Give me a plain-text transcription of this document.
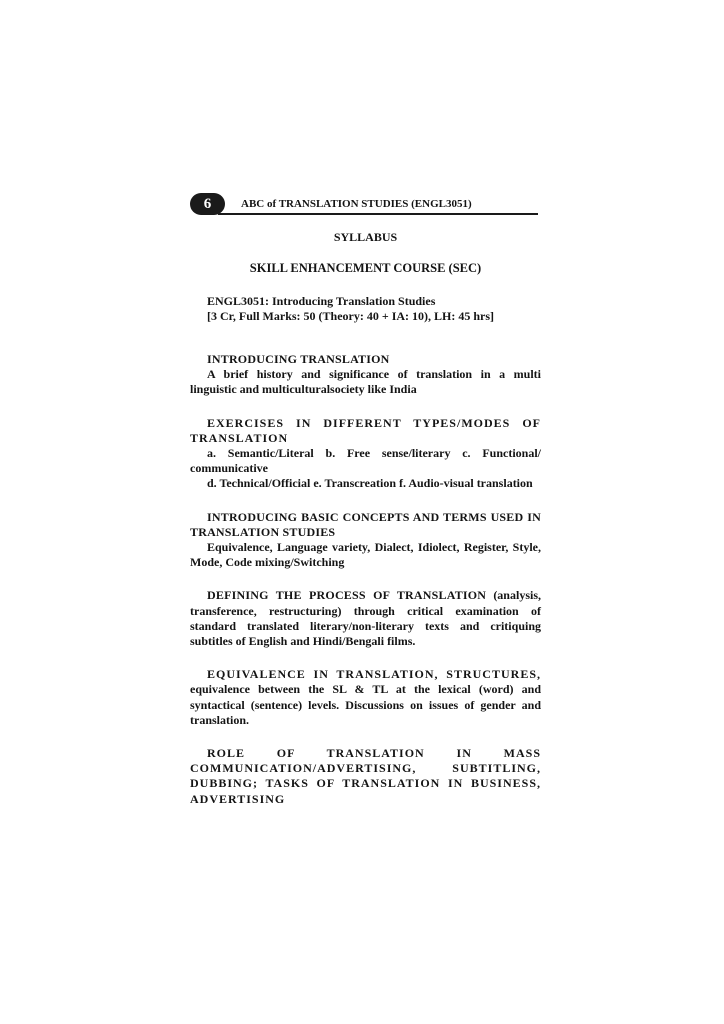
6	ABC of TRANSLATION STUDIES (ENGL3051)
SYLLABUS
SKILL ENHANCEMENT COURSE (SEC)
ENGL3051: Introducing Translation Studies
[3 Cr, Full Marks: 50 (Theory: 40 + IA: 10), LH: 45 hrs]

INTRODUCING TRANSLATION

A brief history and significance of translation in a multi linguistic and multiculturalsociety like India

EXERCISES IN DIFFERENT TYPES/MODES OF TRANSLATION

a. Semantic/Literal b. Free sense/literary c. Functional/ communicative

d. Technical/Official e. Transcreation f. Audio-visual translation

INTRODUCING BASIC CONCEPTS AND TERMS USED IN TRANSLATION STUDIES

Equivalence, Language variety, Dialect, Idiolect, Register, Style, Mode, Code mixing/Switching

DEFINING THE PROCESS OF TRANSLATION (analysis, transference, restructuring) through critical examination of standard translated literary/non-literary texts and critiquing subtitles of English and Hindi/Bengali films.

EQUIVALENCE IN TRANSLATION, STRUCTURES, equivalence between the SL & TL at the lexical (word) and syntactical (sentence) levels. Discussions on issues of gender and translation.

ROLE OF TRANSLATION IN MASS COMMUNICATION/ADVERTISING, SUBTITLING, DUBBING; TASKS OF TRANSLATION IN BUSINESS, ADVERTISING
